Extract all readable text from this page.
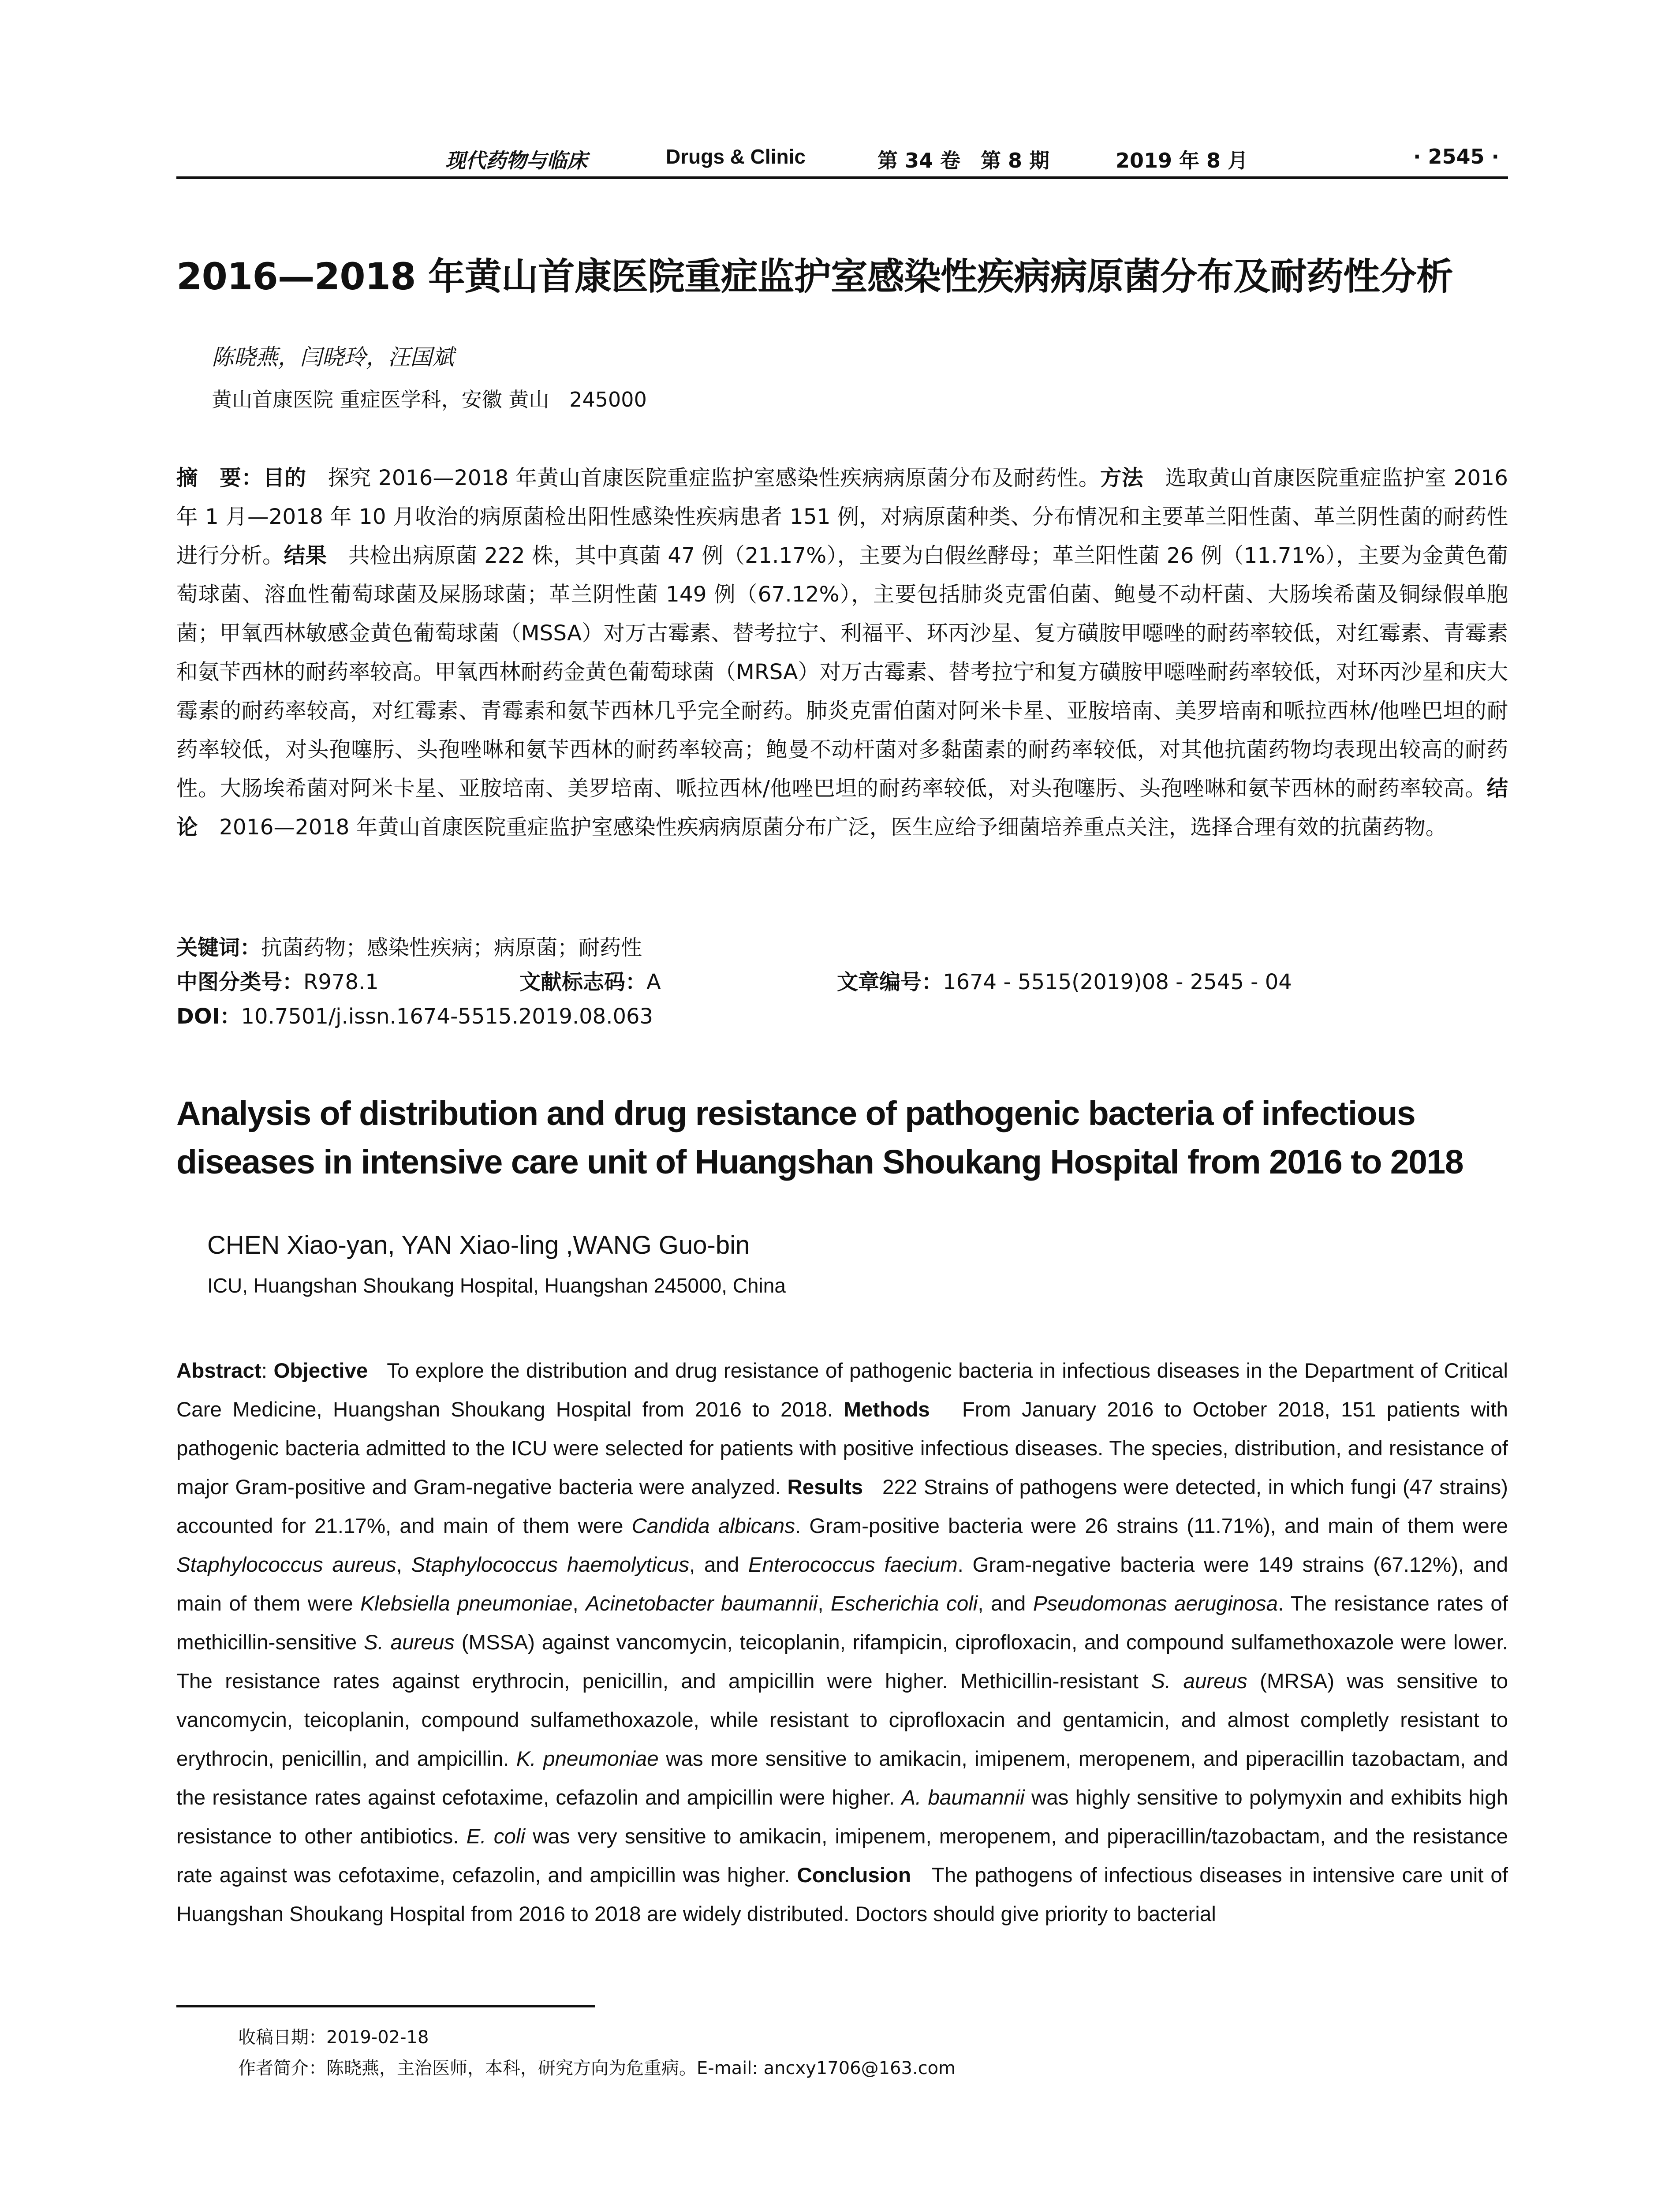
现代药物与临床	Drugs & Clinic	第 34 卷　第 8 期	2019 年 8 月	· 2545 ·
2016—2018 年黄山首康医院重症监护室感染性疾病病原菌分布及耐药性分析
陈晓燕，闫晓玲，汪国斌
黄山首康医院 重症医学科，安徽 黄山　245000

摘　要：目的　探究 2016—2018 年黄山首康医院重症监护室感染性疾病病原菌分布及耐药性。方法　选取黄山首康医院重症监护室 2016 年 1 月—2018 年 10 月收治的病原菌检出阳性感染性疾病患者 151 例，对病原菌种类、分布情况和主要革兰阳性菌、革兰阴性菌的耐药性进行分析。结果　共检出病原菌 222 株，其中真菌 47 例（21.17%），主要为白假丝酵母；革兰阳性菌 26 例（11.71%），主要为金黄色葡萄球菌、溶血性葡萄球菌及屎肠球菌；革兰阴性菌 149 例（67.12%），主要包括肺炎克雷伯菌、鲍曼不动杆菌、大肠埃希菌及铜绿假单胞菌；甲氧西林敏感金黄色葡萄球菌（MSSA）对万古霉素、替考拉宁、利福平、环丙沙星、复方磺胺甲噁唑的耐药率较低，对红霉素、青霉素和氨苄西林的耐药率较高。甲氧西林耐药金黄色葡萄球菌（MRSA）对万古霉素、替考拉宁和复方磺胺甲噁唑耐药率较低，对环丙沙星和庆大霉素的耐药率较高，对红霉素、青霉素和氨苄西林几乎完全耐药。肺炎克雷伯菌对阿米卡星、亚胺培南、美罗培南和哌拉西林/他唑巴坦的耐药率较低，对头孢噻肟、头孢唑啉和氨苄西林的耐药率较高；鲍曼不动杆菌对多黏菌素的耐药率较低，对其他抗菌药物均表现出较高的耐药性。大肠埃希菌对阿米卡星、亚胺培南、美罗培南、哌拉西林/他唑巴坦的耐药率较低，对头孢噻肟、头孢唑啉和氨苄西林的耐药率较高。结论　2016—2018 年黄山首康医院重症监护室感染性疾病病原菌分布广泛，医生应给予细菌培养重点关注，选择合理有效的抗菌药物。

关键词：抗菌药物；感染性疾病；病原菌；耐药性
中图分类号：R978.1	文献标志码：A	文章编号：1674 - 5515(2019)08 - 2545 - 04
DOI：10.7501/j.issn.1674-5515.2019.08.063
Analysis of distribution and drug resistance of pathogenic bacteria of infectious
diseases in intensive care unit of Huangshan Shoukang Hospital from 2016 to 2018
CHEN Xiao-yan, YAN Xiao-ling ,WANG Guo-bin
ICU, Huangshan Shoukang Hospital, Huangshan 245000, China

Abstract: Objective To explore the distribution and drug resistance of pathogenic bacteria in infectious diseases in the Department of Critical Care Medicine, Huangshan Shoukang Hospital from 2016 to 2018. Methods From January 2016 to October 2018, 151 patients with pathogenic bacteria admitted to the ICU were selected for patients with positive infectious diseases. The species, distribution, and resistance of major Gram-positive and Gram-negative bacteria were analyzed. Results 222 Strains of pathogens were detected, in which fungi (47 strains) accounted for 21.17%, and main of them were Candida albicans. Gram-positive bacteria were 26 strains (11.71%), and main of them were Staphylococcus aureus, Staphylococcus haemolyticus, and Enterococcus faecium. Gram-negative bacteria were 149 strains (67.12%), and main of them were Klebsiella pneumoniae, Acinetobacter baumannii, Escherichia coli, and Pseudomonas aeruginosa. The resistance rates of methicillin-sensitive S. aureus (MSSA) against vancomycin, teicoplanin, rifampicin, ciprofloxacin, and compound sulfamethoxazole were lower. The resistance rates against erythrocin, penicillin, and ampicillin were higher. Methicillin-resistant S. aureus (MRSA) was sensitive to vancomycin, teicoplanin, compound sulfamethoxazole, while resistant to ciprofloxacin and gentamicin, and almost completly resistant to erythrocin, penicillin, and ampicillin. K. pneumoniae was more sensitive to amikacin, imipenem, meropenem, and piperacillin tazobactam, and the resistance rates against cefotaxime, cefazolin and ampicillin were higher. A. baumannii was highly sensitive to polymyxin and exhibits high resistance to other antibiotics. E. coli was very sensitive to amikacin, imipenem, meropenem, and piperacillin/tazobactam, and the resistance rate against was cefotaxime, cefazolin, and ampicillin was higher. Conclusion The pathogens of infectious diseases in intensive care unit of Huangshan Shoukang Hospital from 2016 to 2018 are widely distributed. Doctors should give priority to bacterial

收稿日期：2019-02-18
作者简介：陈晓燕，主治医师，本科，研究方向为危重病。E-mail: ancxy1706@163.com
